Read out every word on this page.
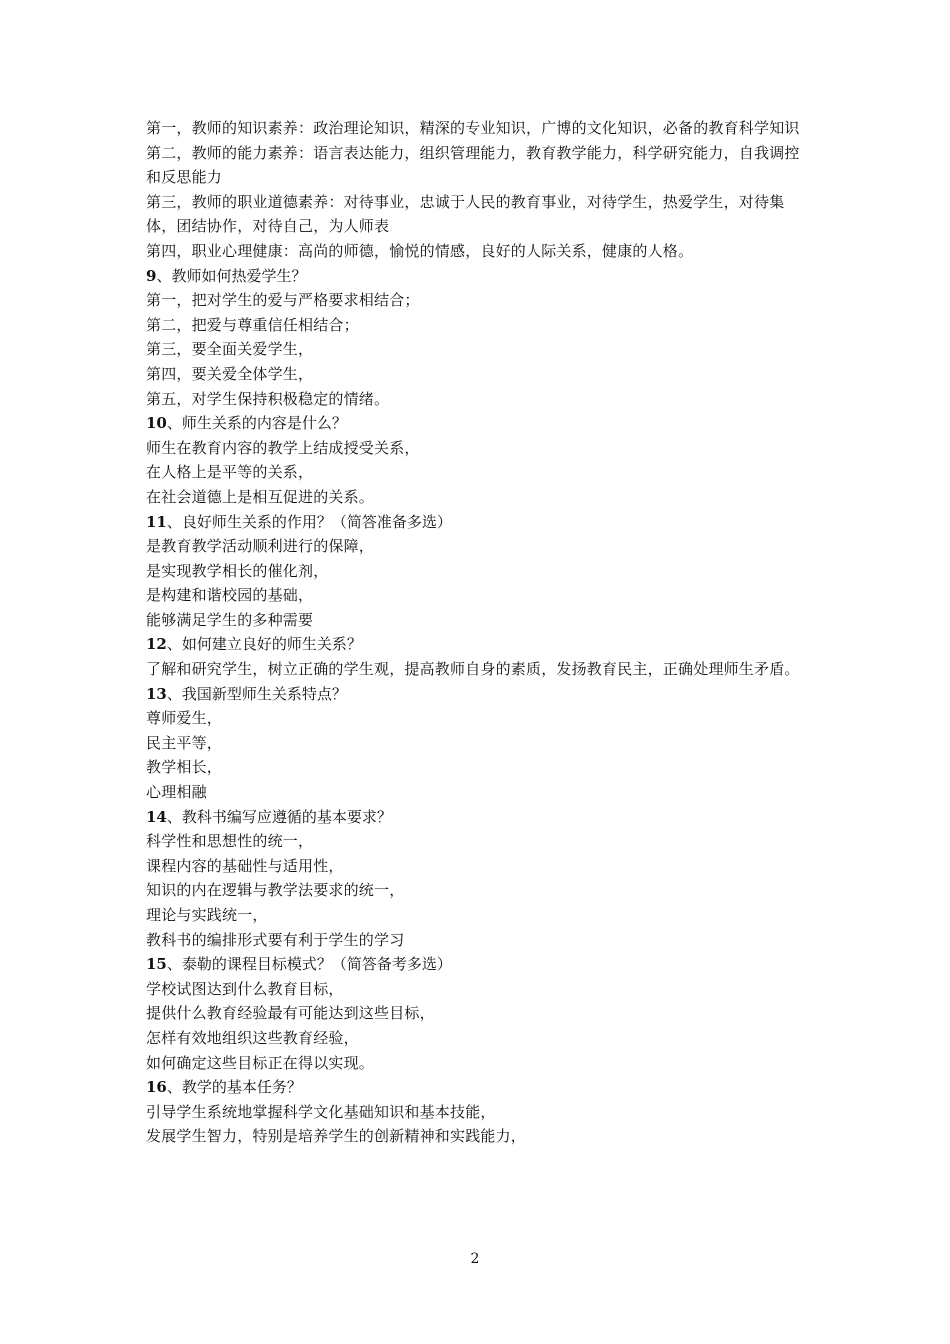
第一，教师的知识素养：政治理论知识，精深的专业知识，广博的文化知识，必备的教育科学知识
第二，教师的能力素养：语言表达能力，组织管理能力，教育教学能力，科学研究能力，自我调控和反思能力
第三，教师的职业道德素养：对待事业，忠诚于人民的教育事业，对待学生，热爱学生，对待集体，团结协作，对待自己，为人师表
第四，职业心理健康：高尚的师德，愉悦的情感，良好的人际关系，健康的人格。
9、教师如何热爱学生？
第一，把对学生的爱与严格要求相结合；
第二，把爱与尊重信任相结合；
第三，要全面关爱学生，
第四，要关爱全体学生，
第五，对学生保持积极稳定的情绪。
10、师生关系的内容是什么？
师生在教育内容的教学上结成授受关系，
在人格上是平等的关系，
在社会道德上是相互促进的关系。
11、良好师生关系的作用？（简答准备多选）
是教育教学活动顺利进行的保障，
是实现教学相长的催化剂，
是构建和谐校园的基础，
能够满足学生的多种需要
12、如何建立良好的师生关系？
了解和研究学生，树立正确的学生观，提高教师自身的素质，发扬教育民主，正确处理师生矛盾。
13、我国新型师生关系特点？
尊师爱生，
民主平等，
教学相长，
心理相融
14、教科书编写应遵循的基本要求？
科学性和思想性的统一，
课程内容的基础性与适用性，
知识的内在逻辑与教学法要求的统一，
理论与实践统一，
教科书的编排形式要有利于学生的学习
15、泰勒的课程目标模式？（简答备考多选）
学校试图达到什么教育目标，
提供什么教育经验最有可能达到这些目标，
怎样有效地组织这些教育经验，
如何确定这些目标正在得以实现。
16、教学的基本任务？
引导学生系统地掌握科学文化基础知识和基本技能，
发展学生智力，特别是培养学生的创新精神和实践能力，
2
